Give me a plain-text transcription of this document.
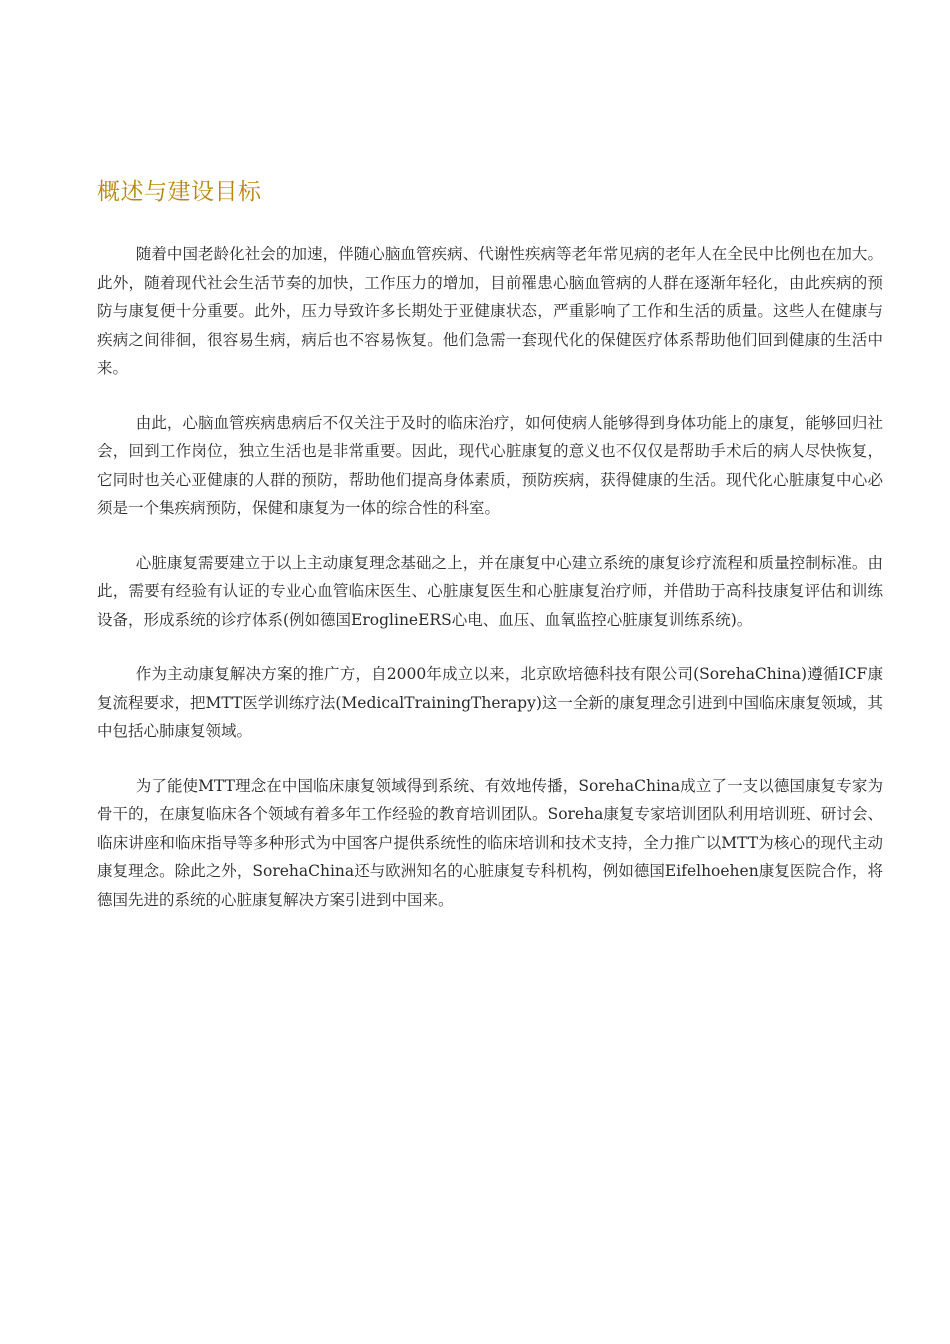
概述与建设目标

随着中国老龄化社会的加速，伴随心脑血管疾病、代谢性疾病等老年常见病的老年人在全民中比例也在加大。此外，随着现代社会生活节奏的加快，工作压力的增加，目前罹患心脑血管病的人群在逐渐年轻化，由此疾病的预防与康复便十分重要。此外，压力导致许多长期处于亚健康状态，严重影响了工作和生活的质量。这些人在健康与疾病之间徘徊，很容易生病，病后也不容易恢复。他们急需一套现代化的保健医疗体系帮助他们回到健康的生活中来。

由此，心脑血管疾病患病后不仅关注于及时的临床治疗，如何使病人能够得到身体功能上的康复，能够回归社会，回到工作岗位，独立生活也是非常重要。因此，现代心脏康复的意义也不仅仅是帮助手术后的病人尽快恢复，它同时也关心亚健康的人群的预防，帮助他们提高身体素质，预防疾病，获得健康的生活。现代化心脏康复中心必须是一个集疾病预防，保健和康复为一体的综合性的科室。

心脏康复需要建立于以上主动康复理念基础之上，并在康复中心建立系统的康复诊疗流程和质量控制标准。由此，需要有经验有认证的专业心血管临床医生、心脏康复医生和心脏康复治疗师，并借助于高科技康复评估和训练设备，形成系统的诊疗体系(例如德国EroglineERS心电、血压、血氧监控心脏康复训练系统)。

作为主动康复解决方案的推广方，自2000年成立以来，北京欧培德科技有限公司(SorehaChina)遵循ICF康复流程要求，把MTT医学训练疗法(MedicalTrainingTherapy)这一全新的康复理念引进到中国临床康复领域，其中包括心肺康复领域。

为了能使MTT理念在中国临床康复领域得到系统、有效地传播，SorehaChina成立了一支以德国康复专家为骨干的，在康复临床各个领域有着多年工作经验的教育培训团队。Soreha康复专家培训团队利用培训班、研讨会、临床讲座和临床指导等多种形式为中国客户提供系统性的临床培训和技术支持，全力推广以MTT为核心的现代主动康复理念。除此之外，SorehaChina还与欧洲知名的心脏康复专科机构，例如德国Eifelhoehen康复医院合作，将德国先进的系统的心脏康复解决方案引进到中国来。
